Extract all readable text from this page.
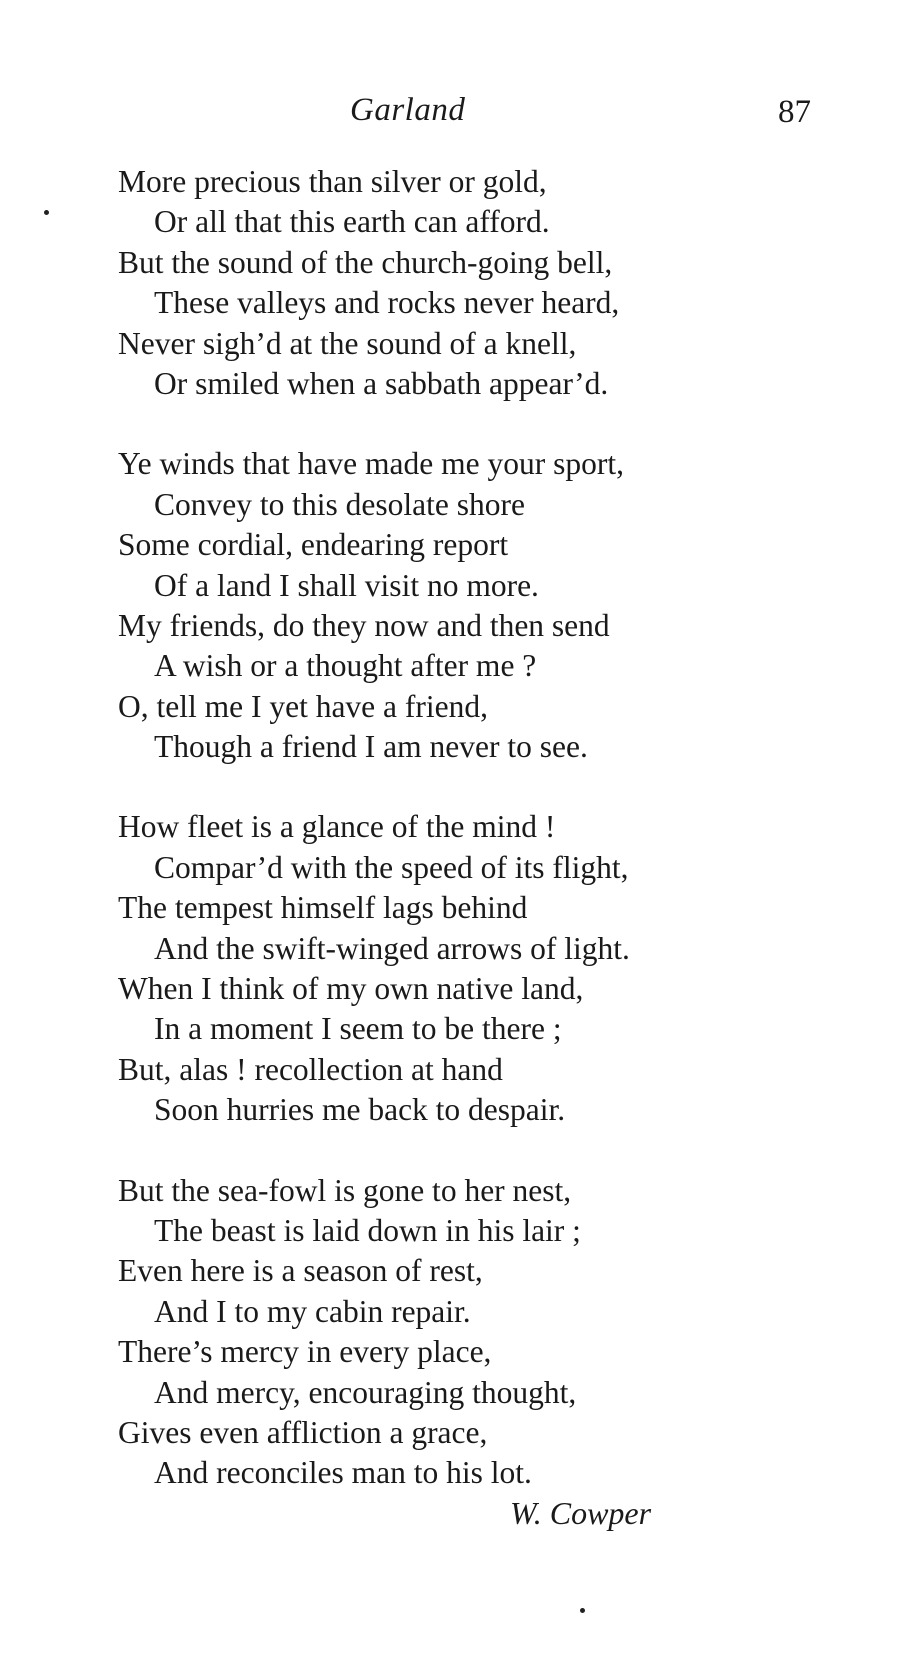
Garland	87
More precious than silver or gold,
Or all that this earth can afford.
But the sound of the church-going bell,
These valleys and rocks never heard,
Never sigh’d at the sound of a knell,
Or smiled when a sabbath appear’d.
Ye winds that have made me your sport,
Convey to this desolate shore
Some cordial, endearing report
Of a land I shall visit no more.
My friends, do they now and then send
A wish or a thought after me ?
O, tell me I yet have a friend,
Though a friend I am never to see.
How fleet is a glance of the mind !
Compar’d with the speed of its flight,
The tempest himself lags behind
And the swift-winged arrows of light.
When I think of my own native land,
In a moment I seem to be there ;
But, alas ! recollection at hand
Soon hurries me back to despair.
But the sea-fowl is gone to her nest,
The beast is laid down in his lair ;
Even here is a season of rest,
And I to my cabin repair.
There’s mercy in every place,
And mercy, encouraging thought,
Gives even affliction a grace,
And reconciles man to his lot.
W. Cowper
